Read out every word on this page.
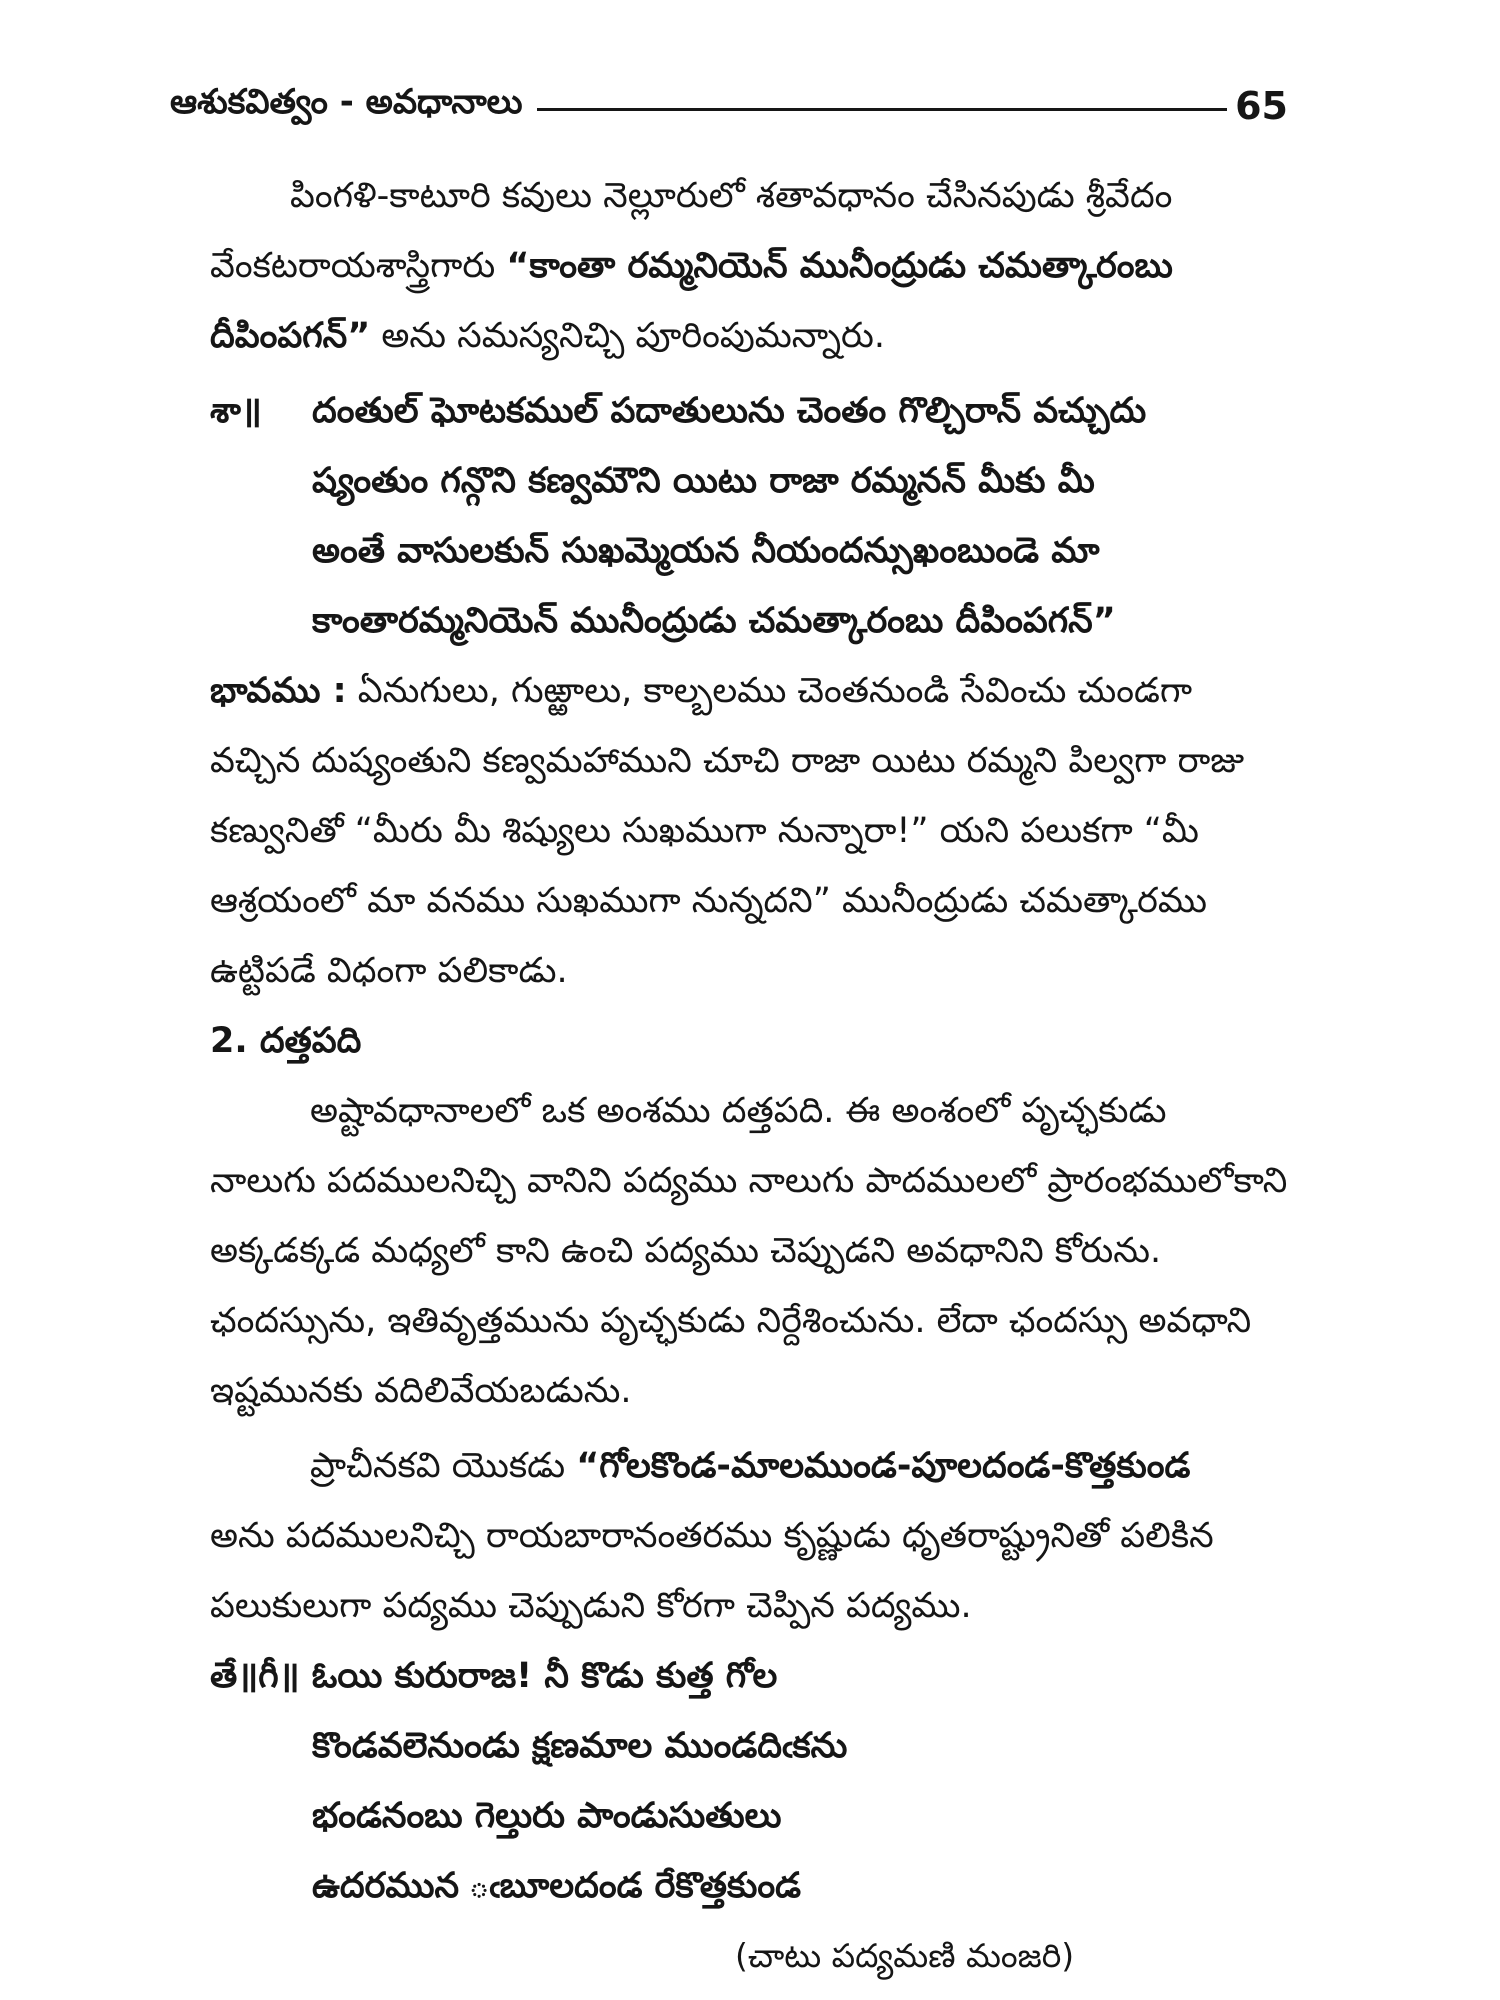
ఆశుకవిత్వం - అవధానాలు	65
పింగళి-కాటూరి కవులు నెల్లూరులో శతావధానం చేసినపుడు శ్రీవేదం
వేంకటరాయశాస్త్రిగారు “కాంతా రమ్మనియెన్ మునీంద్రుడు చమత్కారంబు
దీపింపగన్” అను సమస్యనిచ్చి పూరింపుమన్నారు.
శా॥ దంతుల్ ఘోటకముల్ పదాతులును చెంతం గొల్చిరాన్ వచ్చుదు
ష్యంతుం గన్గొని కణ్వమౌని యిటు రాజా రమ్మనన్ మీకు మీ
అంతే వాసులకున్ సుఖమ్మెయన నీయందన్సుఖంబుండె మా
కాంతారమ్మనియెన్ మునీంద్రుడు చమత్కారంబు దీపింపగన్”
భావము : ఏనుగులు, గుఱ్ఱాలు, కాల్బలము చెంతనుండి సేవించు చుండగా
వచ్చిన దుష్యంతుని కణ్వమహాముని చూచి రాజా యిటు రమ్మని పిల్వగా రాజు
కణ్వునితో “మీరు మీ శిష్యులు సుఖముగా నున్నారా!” యని పలుకగా “మీ
ఆశ్రయంలో మా వనము సుఖముగా నున్నదని” మునీంద్రుడు చమత్కారము
ఉట్టిపడే విధంగా పలికాడు.
2. దత్తపది
అష్టావధానాలలో ఒక అంశము దత్తపది. ఈ అంశంలో పృచ్ఛకుడు
నాలుగు పదములనిచ్చి వానిని పద్యము నాలుగు పాదములలో ప్రారంభములోకాని
అక్కడక్కడ మధ్యలో కాని ఉంచి పద్యము చెప్పుడని అవధానిని కోరును.
ఛందస్సును, ఇతివృత్తమును పృచ్ఛకుడు నిర్దేశించును. లేదా ఛందస్సు అవధాని
ఇష్టమునకు వదిలివేయబడును.
ప్రాచీనకవి యొకడు “గోలకొండ-మాలముండ-పూలదండ-కొత్తకుండ
అను పదములనిచ్చి రాయబారానంతరము కృష్ణుడు ధృతరాష్ట్రునితో పలికిన
పలుకులుగా పద్యము చెప్పుడుని కోరగా చెప్పిన పద్యము.
తే॥గీ॥ ఓయి కురురాజ! నీ కొడు కుత్త గోల
కొండవలెనుండు క్షణమాల ముండదిఁకను
భండనంబు గెల్తురు పాండుసుతులు
ఉదరమున ఁబూలదండ రేకొత్తకుండ
(చాటు పద్యమణి మంజరి)
